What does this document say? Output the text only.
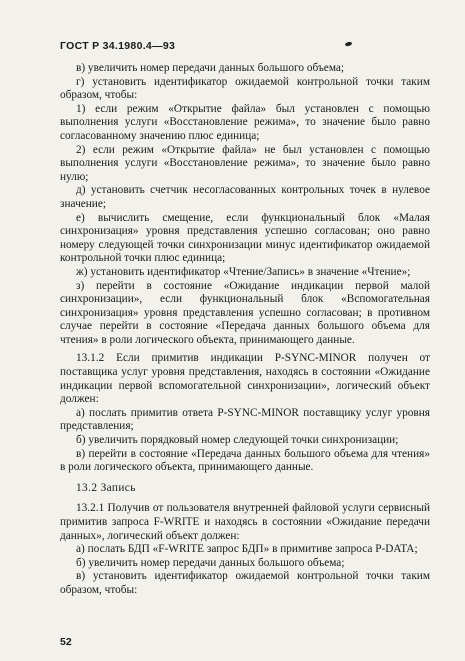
ГОСТ Р 34.1980.4—93

в) увеличить номер передачи данных большого объема;

г) установить идентификатор ожидаемой контрольной точки таким образом, чтобы:

1) если режим «Открытие файла» был установлен с помощью выполнения услуги «Восстановление режима», то значение было равно согласованному значению плюс единица;

2) если режим «Открытие файла» не был установлен с помощью выполнения услуги «Восстановление режима», то значение было равно нулю;

д) установить счетчик несогласованных контрольных точек в нулевое значение;

е) вычислить смещение, если функциональный блок «Малая синхронизация» уровня представления успешно согласован; оно равно номеру следующей точки синхронизации минус идентификатор ожидаемой контрольной точки плюс единица;

ж) установить идентификатор «Чтение/Запись» в значение «Чтение»;

з) перейти в состояние «Ожидание индикации первой малой синхронизации», если функциональный блок «Вспомогательная синхронизация» уровня представления успешно согласован; в противном случае перейти в состояние «Передача данных большого объема для чтения» в роли логического объекта, принимающего данные.

13.1.2 Если примитив индикации P-SYNC-MINOR получен от поставщика услуг уровня представления, находясь в состоянии «Ожидание индикации первой вспомогательной синхронизации», логический объект должен:

а) послать примитив ответа P-SYNC-MINOR поставщику услуг уровня представления;

б) увеличить порядковый номер следующей точки синхронизации;

в) перейти в состояние «Передача данных большого объема для чтения» в роли логического объекта, принимающего данные.

13.2 Запись

13.2.1 Получив от пользователя внутренней файловой услуги сервисный примитив запроса F-WRITE и находясь в состоянии «Ожидание передачи данных», логический объект должен:

а) послать БДП «F-WRITE запрос БДП» в примитиве запроса P-DATA;

б) увеличить номер передачи данных большого объема;

в) установить идентификатор ожидаемой контрольной точки таким образом, чтобы:

52
